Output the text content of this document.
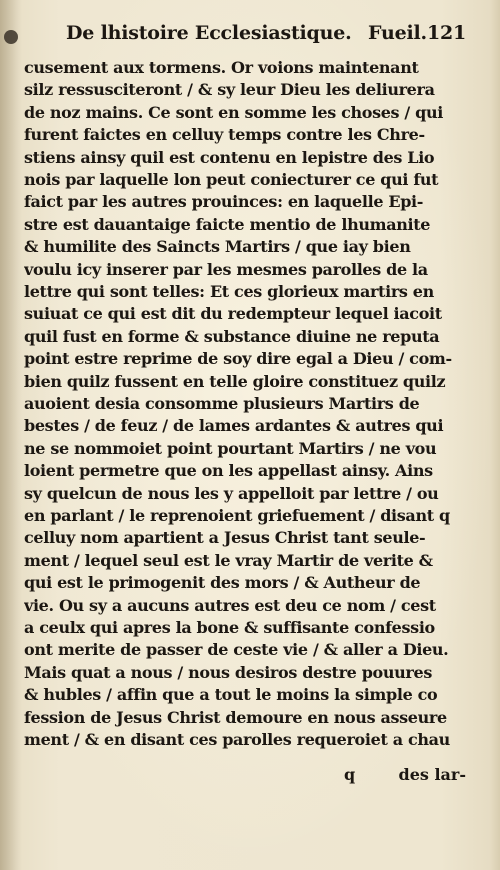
De lhistoire Ecclesiastique. Fueil.121
cusement aux tormens. Or voions maintenant
silz ressusciteront / & sy leur Dieu les deliurera
de noz mains. Ce sont en somme les choses / qui
furent faictes en celluy temps contre les Chre-
stiens ainsy quil est contenu en lepistre des Lio
nois par laquelle lon peut coniecturer ce qui fut
faict par les autres prouinces: en laquelle Epi-
stre est dauantaige faicte mentio de lhumanite
& humilite des Saincts Martirs / que iay bien
voulu icy inserer par les mesmes parolles de la
lettre qui sont telles: Et ces glorieux martirs en
suiuat ce qui est dit du redempteur lequel iacoit
quil fust en forme & substance diuine ne reputa
point estre reprime de soy dire egal a Dieu / com-
bien quilz fussent en telle gloire constituez quilz
auoient desia consomme plusieurs Martirs de
bestes / de feuz / de lames ardantes & autres qui
ne se nommoiet point pourtant Martirs / ne vou
loient permetre que on les appellast ainsy. Ains
sy quelcun de nous les y appelloit par lettre / ou
en parlant / le reprenoient griefuement / disant q
celluy nom apartient a Jesus Christ tant seule-
ment / lequel seul est le vray Martir de verite &
qui est le primogenit des mors / & Autheur de
vie. Ou sy a aucuns autres est deu ce nom / cest
a ceulx qui apres la bone & suffisante confessio
ont merite de passer de ceste vie / & aller a Dieu.
Mais quat a nous / nous desiros destre pouures
& hubles / affin que a tout le moins la simple co
fession de Jesus Christ demoure en nous asseure
ment / & en disant ces parolles requeroiet a chau
q	des lar-
